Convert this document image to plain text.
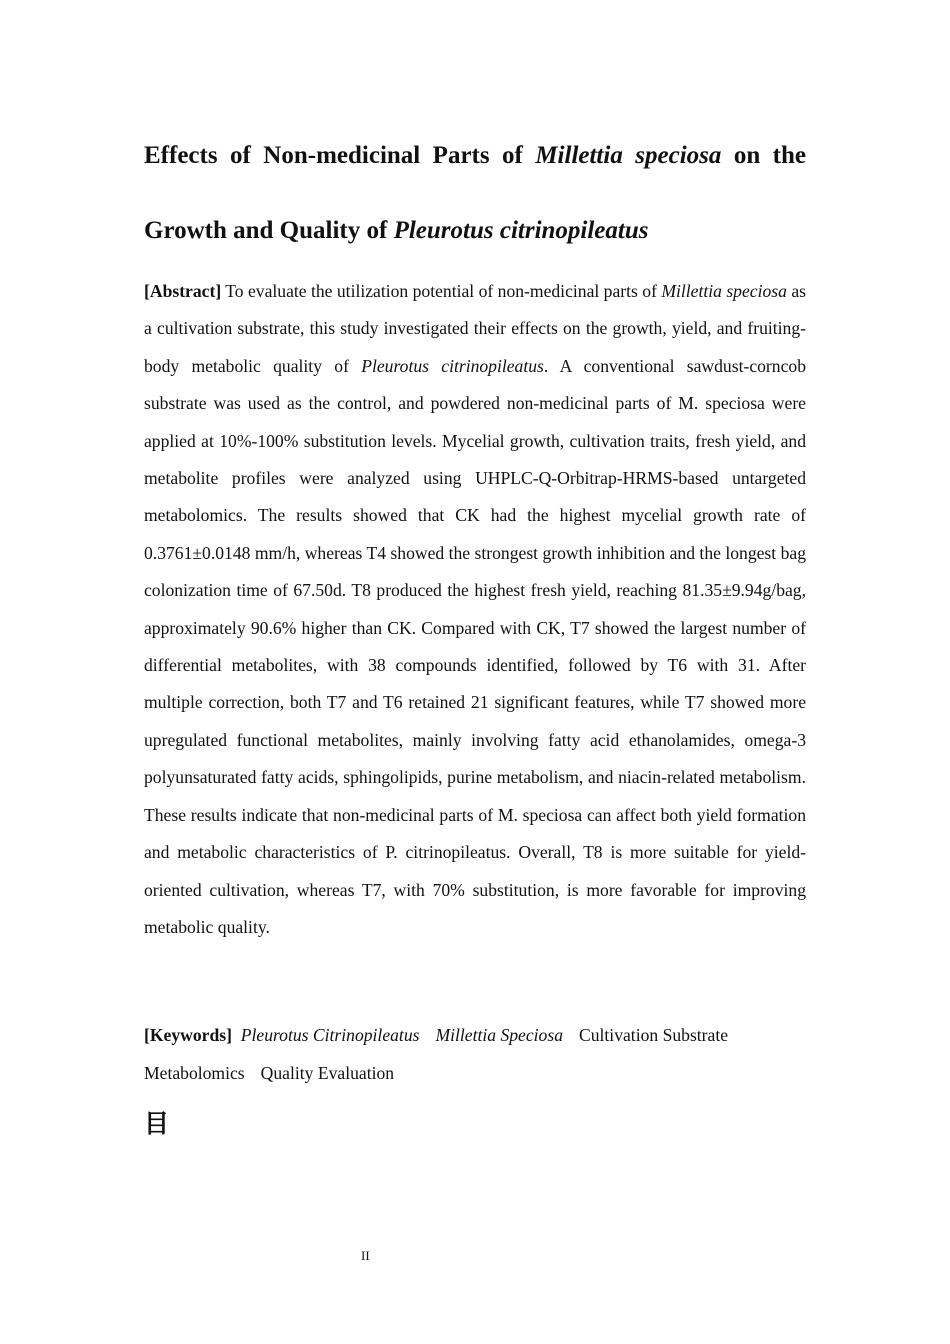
Effects of Non-medicinal Parts of Millettia speciosa on the
Growth and Quality of Pleurotus citrinopileatus

[Abstract] To evaluate the utilization potential of non-medicinal parts of Millettia speciosa as a cultivation substrate, this study investigated their effects on the growth, yield, and fruiting-body metabolic quality of Pleurotus citrinopileatus. A conventional sawdust-corncob substrate was used as the control, and powdered non-medicinal parts of M. speciosa were applied at 10%-100% substitution levels. Mycelial growth, cultivation traits, fresh yield, and metabolite profiles were analyzed using UHPLC-Q-Orbitrap-HRMS-based untargeted metabolomics. The results showed that CK had the highest mycelial growth rate of 0.3761±0.0148 mm/h, whereas T4 showed the strongest growth inhibition and the longest bag colonization time of 67.50d. T8 produced the highest fresh yield, reaching 81.35±9.94g/bag, approximately 90.6% higher than CK. Compared with CK, T7 showed the largest number of differential metabolites, with 38 compounds identified, followed by T6 with 31. After multiple correction, both T7 and T6 retained 21 significant features, while T7 showed more upregulated functional metabolites, mainly involving fatty acid ethanolamides, omega-3 polyunsaturated fatty acids, sphingolipids, purine metabolism, and niacin-related metabolism. These results indicate that non-medicinal parts of M. speciosa can affect both yield formation and metabolic characteristics of P. citrinopileatus. Overall, T8 is more suitable for yield-oriented cultivation, whereas T7, with 70% substitution, is more favorable for improving metabolic quality.

[Keywords] Pleurotus Citrinopileatus Millettia Speciosa Cultivation Substrate
Metabolomics Quality Evaluation

目
II
